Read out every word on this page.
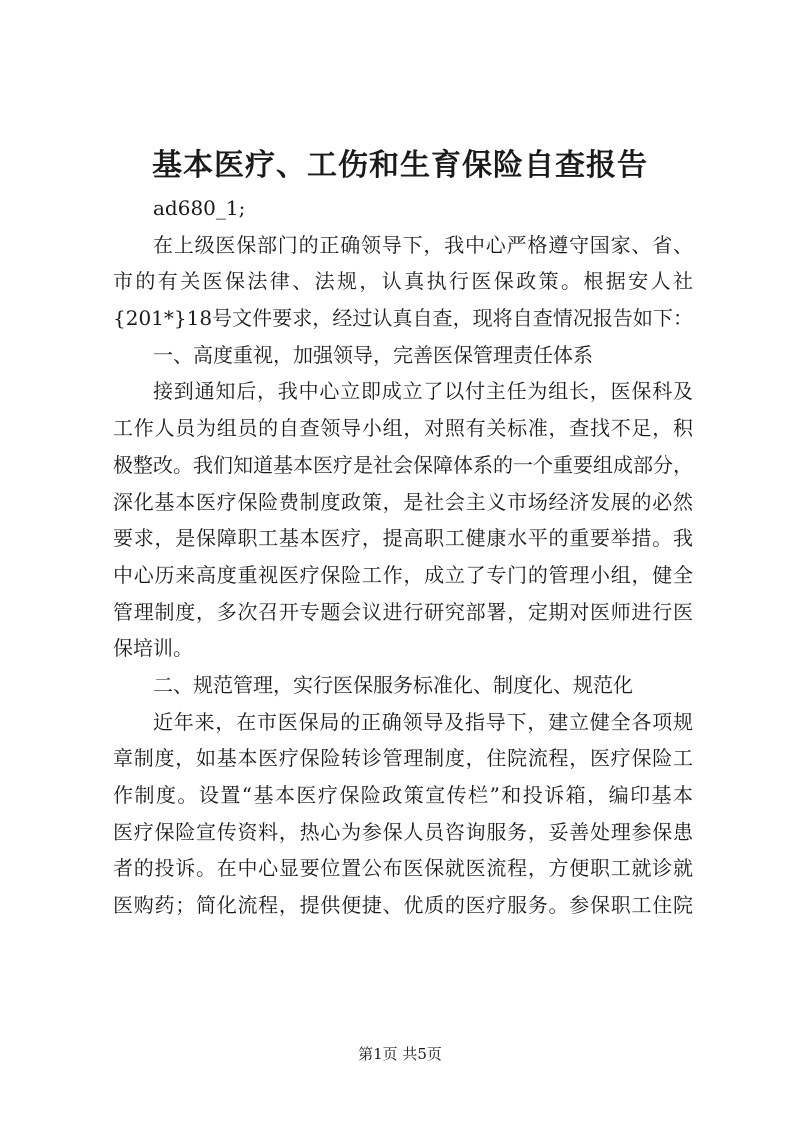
基本医疗、工伤和生育保险自查报告
ad680_1;
在上级医保部门的正确领导下，我中心严格遵守国家、省、
市的有关医保法律、法规，认真执行医保政策。根据安人社
{201*}18号文件要求，经过认真自查，现将自查情况报告如下：
一、高度重视，加强领导，完善医保管理责任体系
接到通知后，我中心立即成立了以付主任为组长，医保科及
工作人员为组员的自查领导小组，对照有关标准，查找不足，积
极整改。我们知道基本医疗是社会保障体系的一个重要组成部分，
深化基本医疗保险费制度政策，是社会主义市场经济发展的必然
要求，是保障职工基本医疗，提高职工健康水平的重要举措。我
中心历来高度重视医疗保险工作，成立了专门的管理小组，健全
管理制度，多次召开专题会议进行研究部署，定期对医师进行医
保培训。
二、规范管理，实行医保服务标准化、制度化、规范化
近年来，在市医保局的正确领导及指导下，建立健全各项规
章制度，如基本医疗保险转诊管理制度，住院流程，医疗保险工
作制度。设置“基本医疗保险政策宣传栏”和投诉箱，编印基本
医疗保险宣传资料，热心为参保人员咨询服务，妥善处理参保患
者的投诉。在中心显要位置公布医保就医流程，方便职工就诊就
医购药；简化流程，提供便捷、优质的医疗服务。参保职工住院
第1页 共5页
